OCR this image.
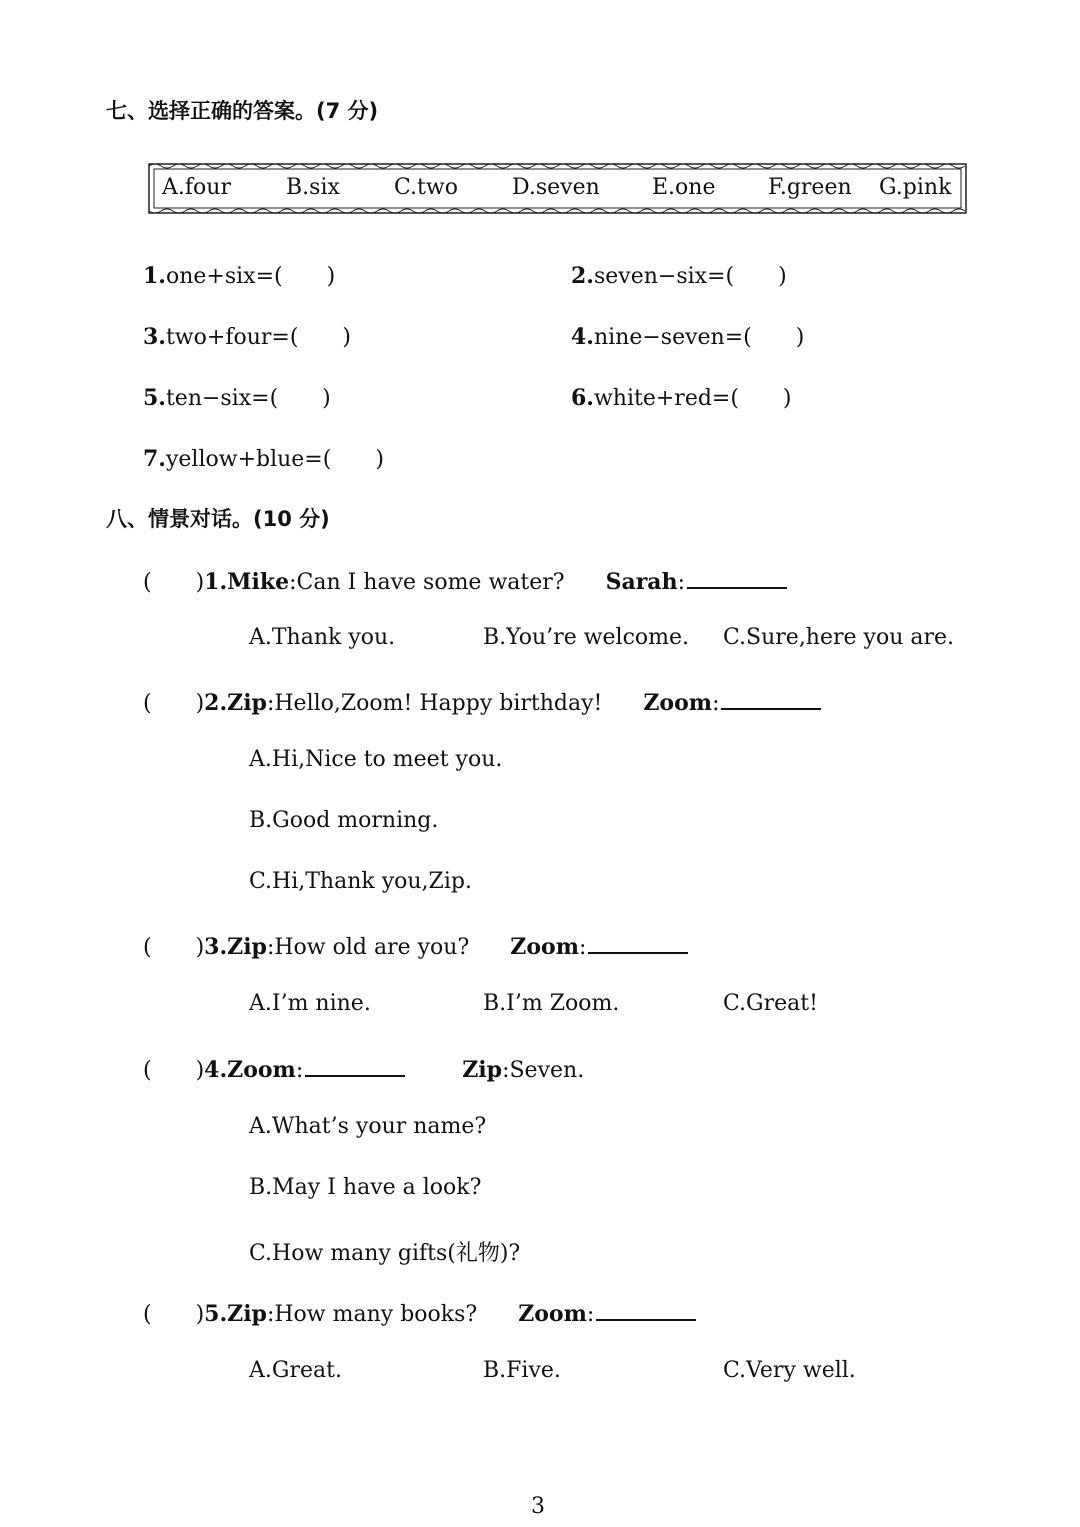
七、选择正确的答案。(7 分)
A.four	B.six C.two D.seven E.one F.green G.pink
1.one+six=(　　)	2.seven−six=(　　)
3.two+four=(　　)	4.nine−seven=(　　)
5.ten−six=(　　)	6.white+red=(　　)
7.yellow+blue=(　　)
八、情景对话。(10 分)
(　　)1.Mike:Can I have some water? Sarah:
A.Thank you.	B.You’re welcome. C.Sure,here you are.
(　　)2.Zip:Hello,Zoom! Happy birthday! Zoom:
A.Hi,Nice to meet you.
B.Good morning.
C.Hi,Thank you,Zip.
(　　)3.Zip:How old are you? Zoom:
A.I’m nine.	B.I’m Zoom.	C.Great!
(　　)4.Zoom:	Zip:Seven.
A.What’s your name?
B.May I have a look?
C.How many gifts(礼物)?
(　　)5.Zip:How many books? Zoom:
A.Great.	B.Five.	C.Very well.
3
